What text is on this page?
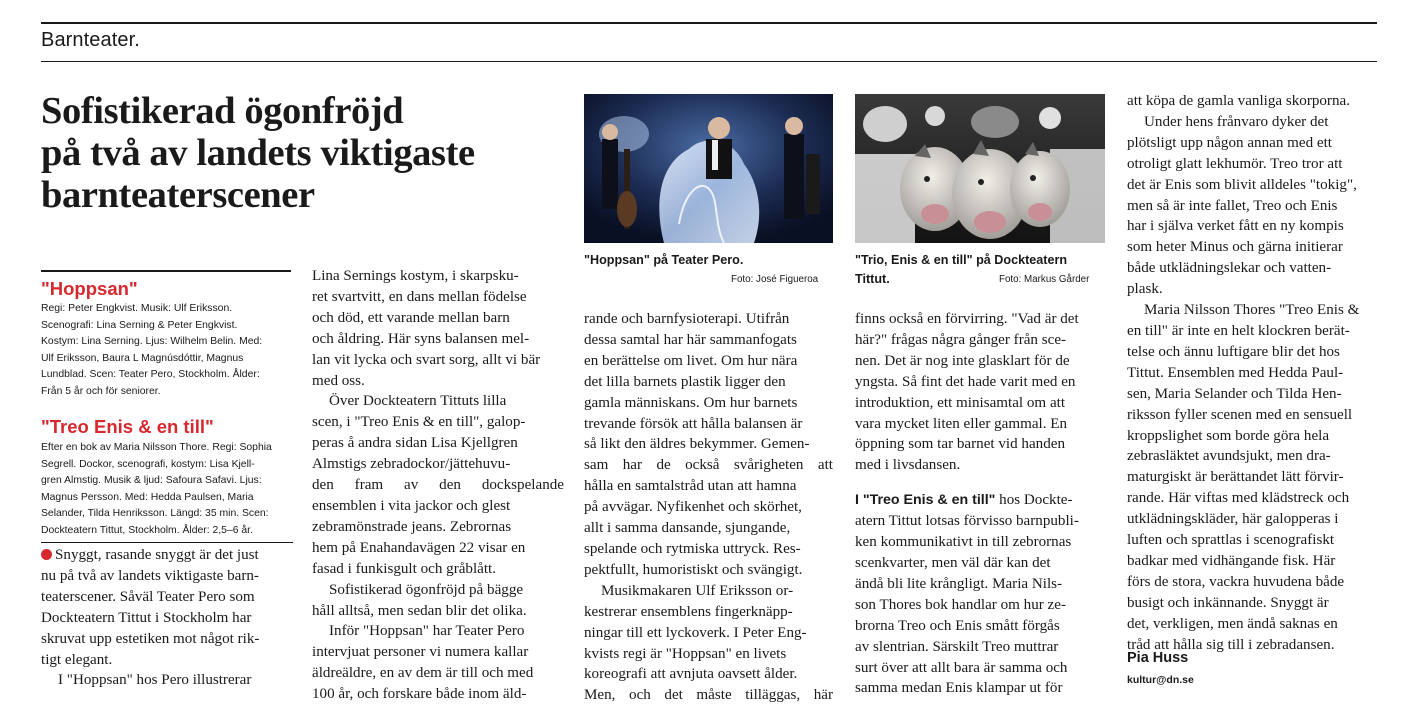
Barnteater.

Sofistikerad ögonfröjd
på två av landets viktigaste
barnteaterscener

"Hoppsan"

Regi: Peter Engkvist. Musik: Ulf Eriksson.
Scenografi: Lina Serning & Peter Engkvist.
Kostym: Lina Serning. Ljus: Wilhelm Belin. Med:
Ulf Eriksson, Baura L Magnúsdóttir, Magnus
Lundblad. Scen: Teater Pero, Stockholm. Ålder:
Från 5 år och för seniorer.

"Treo Enis & en till"

Efter en bok av Maria Nilsson Thore. Regi: Sophia
Segrell. Dockor, scenografi, kostym: Lisa Kjell-
gren Almstig. Musik & ljud: Safoura Safavi. Ljus:
Magnus Persson. Med: Hedda Paulsen, Maria
Selander, Tilda Henriksson. Längd: 35 min. Scen:
Dockteatern Tittut, Stockholm. Ålder: 2,5–6 år.
Snyggt, rasande snyggt är det just
nu på två av landets viktigaste barn-
teaterscener. Såväl Teater Pero som
Dockteatern Tittut i Stockholm har
skruvat upp estetiken mot något rik-
tigt elegant.
I "Hoppsan" hos Pero illustrerar
Lina Sernings kostym, i skarpsku-
ret svartvitt, en dans mellan födelse
och död, ett varande mellan barn
och åldring. Här syns balansen mel-
lan vit lycka och svart sorg, allt vi bär
med oss.
Över Dockteatern Tittuts lilla
scen, i "Treo Enis & en till", galop-
peras å andra sidan Lisa Kjellgren
Almstigs zebradockor/jättehuvu-
den fram av den dockspelande
ensemblen i vita jackor och glest
zebramönstrade jeans. Zebrornas
hem på Enahandavägen 22 visar en
fasad i funkisgult och gråblått.
Sofistikerad ögonfröjd på bägge
håll alltså, men sedan blir det olika.
Inför "Hoppsan" har Teater Pero
intervjuat personer vi numera kallar
äldreäldre, en av dem är till och med
100 år, och forskare både inom äld-

"Hoppsan" på Teater Pero.

Foto: José Figueroa

rande och barnfysioterapi. Utifrån
dessa samtal har här sammanfogats
en berättelse om livet. Om hur nära
det lilla barnets plastik ligger den
gamla människans. Om hur barnets
trevande försök att hålla balansen är
så likt den äldres bekymmer. Gemen-
sam har de också svårigheten att
hålla en samtalstråd utan att hamna
på avvägar. Nyfikenhet och skörhet,
allt i samma dansande, sjungande,
spelande och rytmiska uttryck. Res-
pektfullt, humoristiskt och svängigt.
Musikmakaren Ulf Eriksson or-
kestrerar ensemblens fingerknäpp-
ningar till ett lyckoverk. I Peter Eng-
kvists regi är "Hoppsan" en livets
koreografi att avnjuta oavsett ålder.
Men, och det måste tilläggas, här
"Trio, Enis & en till" på Dockteatern
Tittut.	Foto: Markus Gårder

finns också en förvirring. "Vad är det
här?" frågas några gånger från sce-
nen. Det är nog inte glasklart för de
yngsta. Så fint det hade varit med en
introduktion, ett minisamtal om att
vara mycket liten eller gammal. En
öppning som tar barnet vid handen
med i livsdansen.
I "Treo Enis & en till" hos Dockte-
atern Tittut lotsas förvisso barnpubli-
ken kommunikativt in till zebrornas
scenkvarter, men väl där kan det
ändå bli lite krångligt. Maria Nils-
son Thores bok handlar om hur ze-
brorna Treo och Enis smått förgås
av slentrian. Särskilt Treo muttrar
surt över att allt bara är samma och
samma medan Enis klampar ut för
att köpa de gamla vanliga skorporna.
Under hens frånvaro dyker det
plötsligt upp någon annan med ett
otroligt glatt lekhumör. Treo tror att
det är Enis som blivit alldeles "tokig",
men så är inte fallet, Treo och Enis
har i själva verket fått en ny kompis
som heter Minus och gärna initierar
både utklädningslekar och vatten-
plask.
Maria Nilsson Thores "Treo Enis &
en till" är inte en helt klockren berät-
telse och ännu luftigare blir det hos
Tittut. Ensemblen med Hedda Paul-
sen, Maria Selander och Tilda Hen-
riksson fyller scenen med en sensuell
kroppslighet som borde göra hela
zebrasläktet avundsjukt, men dra-
maturgiskt är berättandet lätt förvir-
rande. Här viftas med klädstreck och
utklädningskläder, här galopperas i
luften och sprattlas i scenografiskt
badkar med vidhängande fisk. Här
förs de stora, vackra huvudena både
busigt och inkännande. Snyggt är
det, verkligen, men ändå saknas en
tråd att hålla sig till i zebradansen.

Pia Huss

kultur@dn.se
